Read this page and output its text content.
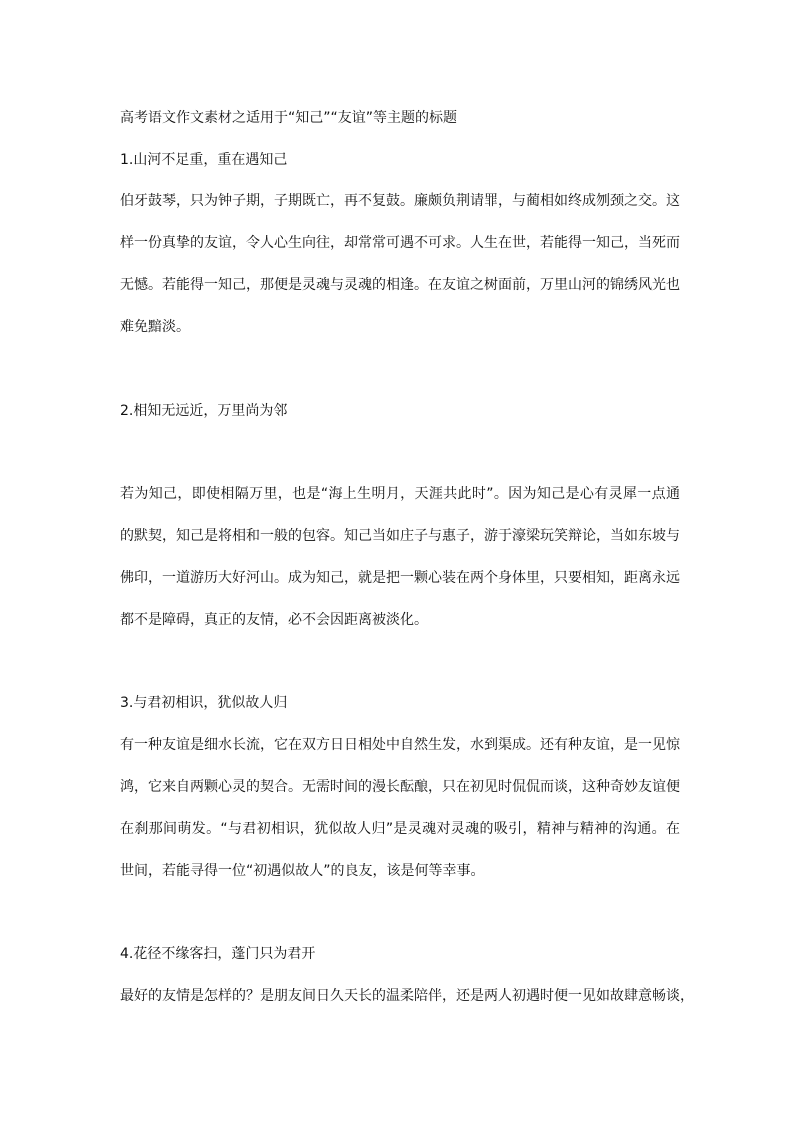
高考语文作文素材之适用于“知己”“友谊”等主题的标题
1.山河不足重，重在遇知己
伯牙鼓琴，只为钟子期，子期既亡，再不复鼓。廉颇负荆请罪，与蔺相如终成刎颈之交。这
样一份真挚的友谊，令人心生向往，却常常可遇不可求。人生在世，若能得一知己，当死而
无憾。若能得一知己，那便是灵魂与灵魂的相逢。在友谊之树面前，万里山河的锦绣风光也
难免黯淡。
2.相知无远近，万里尚为邻
若为知己，即使相隔万里，也是“海上生明月，天涯共此时”。因为知己是心有灵犀一点通
的默契，知己是将相和一般的包容。知己当如庄子与惠子，游于濠梁玩笑辩论，当如东坡与
佛印，一道游历大好河山。成为知己，就是把一颗心装在两个身体里，只要相知，距离永远
都不是障碍，真正的友情，必不会因距离被淡化。
3.与君初相识，犹似故人归
有一种友谊是细水长流，它在双方日日相处中自然生发，水到渠成。还有种友谊，是一见惊
鸿，它来自两颗心灵的契合。无需时间的漫长酝酿，只在初见时侃侃而谈，这种奇妙友谊便
在刹那间萌发。“与君初相识，犹似故人归”是灵魂对灵魂的吸引，精神与精神的沟通。在
世间，若能寻得一位“初遇似故人”的良友，该是何等幸事。
4.花径不缘客扫，蓬门只为君开
最好的友情是怎样的？是朋友间日久天长的温柔陪伴，还是两人初遇时便一见如故肆意畅谈，
